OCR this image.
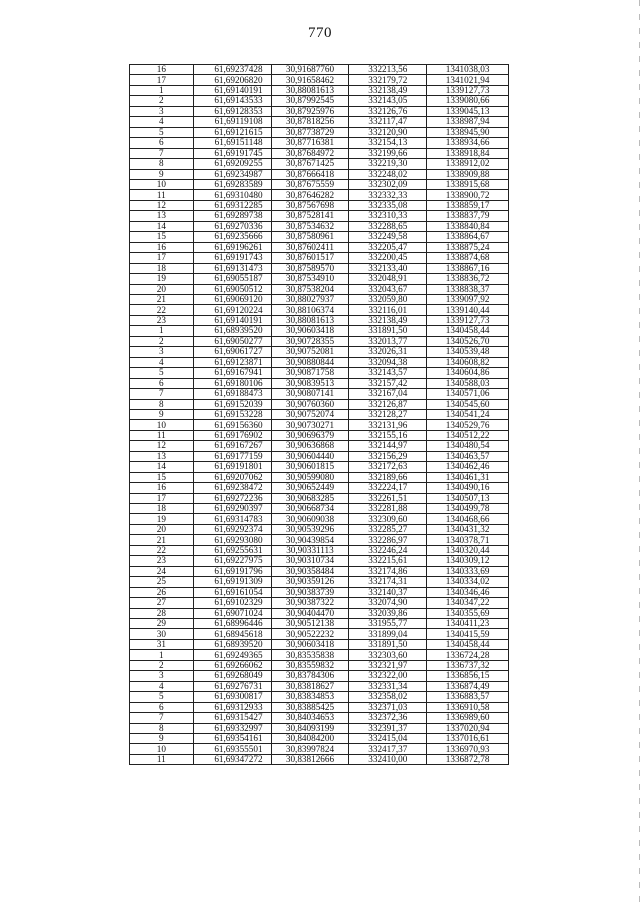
770
16	61,69237428	30,91687760	332213,56	1341038,03
17	61,69206820	30,91658462	332179,72	1341021,94
1	61,69140191	30,88081613	332138,49	1339127,73
2	61,69143533	30,87992545	332143,05	1339080,66
3	61,69128353	30,87925976	332126,76	1339045,13
4	61,69119108	30,87818256	332117,47	1338987,94
5	61,69121615	30,87738729	332120,90	1338945,90
6	61,69151148	30,87716381	332154,13	1338934,66
7	61,69191745	30,87684972	332199,66	1338918,84
8	61,69209255	30,87671425	332219,30	1338912,02
9	61,69234987	30,87666418	332248,02	1338909,88
10	61,69283589	30,87675559	332302,09	1338915,68
11	61,69310480	30,87646282	332332,33	1338900,72
12	61,69312285	30,87567698	332335,08	1338859,17
13	61,69289738	30,87528141	332310,33	1338837,79
14	61,69270336	30,87534632	332288,65	1338840,84
15	61,69235666	30,87580961	332249,58	1338864,67
16	61,69196261	30,87602411	332205,47	1338875,24
17	61,69191743	30,87601517	332200,45	1338874,68
18	61,69131473	30,87589570	332133,40	1338867,16
19	61,69055187	30,87534910	332048,91	1338836,72
20	61,69050512	30,87538204	332043,67	1338838,37
21	61,69069120	30,88027937	332059,80	1339097,92
22	61,69120224	30,88106374	332116,01	1339140,44
23	61,69140191	30,88081613	332138,49	1339127,73
1	61,68939520	30,90603418	331891,50	1340458,44
2	61,69050277	30,90728355	332013,77	1340526,70
3	61,69061727	30,90752081	332026,31	1340539,48
4	61,69123871	30,90880844	332094,38	1340608,82
5	61,69167941	30,90871758	332143,57	1340604,86
6	61,69180106	30,90839513	332157,42	1340588,03
7	61,69188473	30,90807141	332167,04	1340571,06
8	61,69152039	30,90760360	332126,87	1340545,60
9	61,69153228	30,90752074	332128,27	1340541,24
10	61,69156360	30,90730271	332131,96	1340529,76
11	61,69176902	30,90696379	332155,16	1340512,22
12	61,69167267	30,90636868	332144,97	1340480,54
13	61,69177159	30,90604440	332156,29	1340463,57
14	61,69191801	30,90601815	332172,63	1340462,46
15	61,69207062	30,90599080	332189,66	1340461,31
16	61,69238472	30,90652449	332224,17	1340490,16
17	61,69272236	30,90683285	332261,51	1340507,13
18	61,69290397	30,90668734	332281,88	1340499,78
19	61,69314783	30,90609038	332309,60	1340468,66
20	61,69292374	30,90539296	332285,27	1340431,32
21	61,69293080	30,90439854	332286,97	1340378,71
22	61,69255631	30,90331113	332246,24	1340320,44
23	61,69227975	30,90310734	332215,61	1340309,12
24	61,69191796	30,90358484	332174,86	1340333,69
25	61,69191309	30,90359126	332174,31	1340334,02
26	61,69161054	30,90383739	332140,37	1340346,46
27	61,69102329	30,90387322	332074,90	1340347,22
28	61,69071024	30,90404470	332039,86	1340355,69
29	61,68996446	30,90512138	331955,77	1340411,23
30	61,68945618	30,90522232	331899,04	1340415,59
31	61,68939520	30,90603418	331891,50	1340458,44
1	61,69249365	30,83535838	332303,60	1336724,28
2	61,69266062	30,83559832	332321,97	1336737,32
3	61,69268049	30,83784306	332322,00	1336856,15
4	61,69276731	30,83818627	332331,34	1336874,49
5	61,69300817	30,83834853	332358,02	1336883,57
6	61,69312933	30,83885425	332371,03	1336910,58
7	61,69315427	30,84034653	332372,36	1336989,60
8	61,69332997	30,84093199	332391,37	1337020,94
9	61,69354161	30,84084200	332415,04	1337016,61
10	61,69355501	30,83997824	332417,37	1336970,93
11	61,69347272	30,83812666	332410,00	1336872,78
